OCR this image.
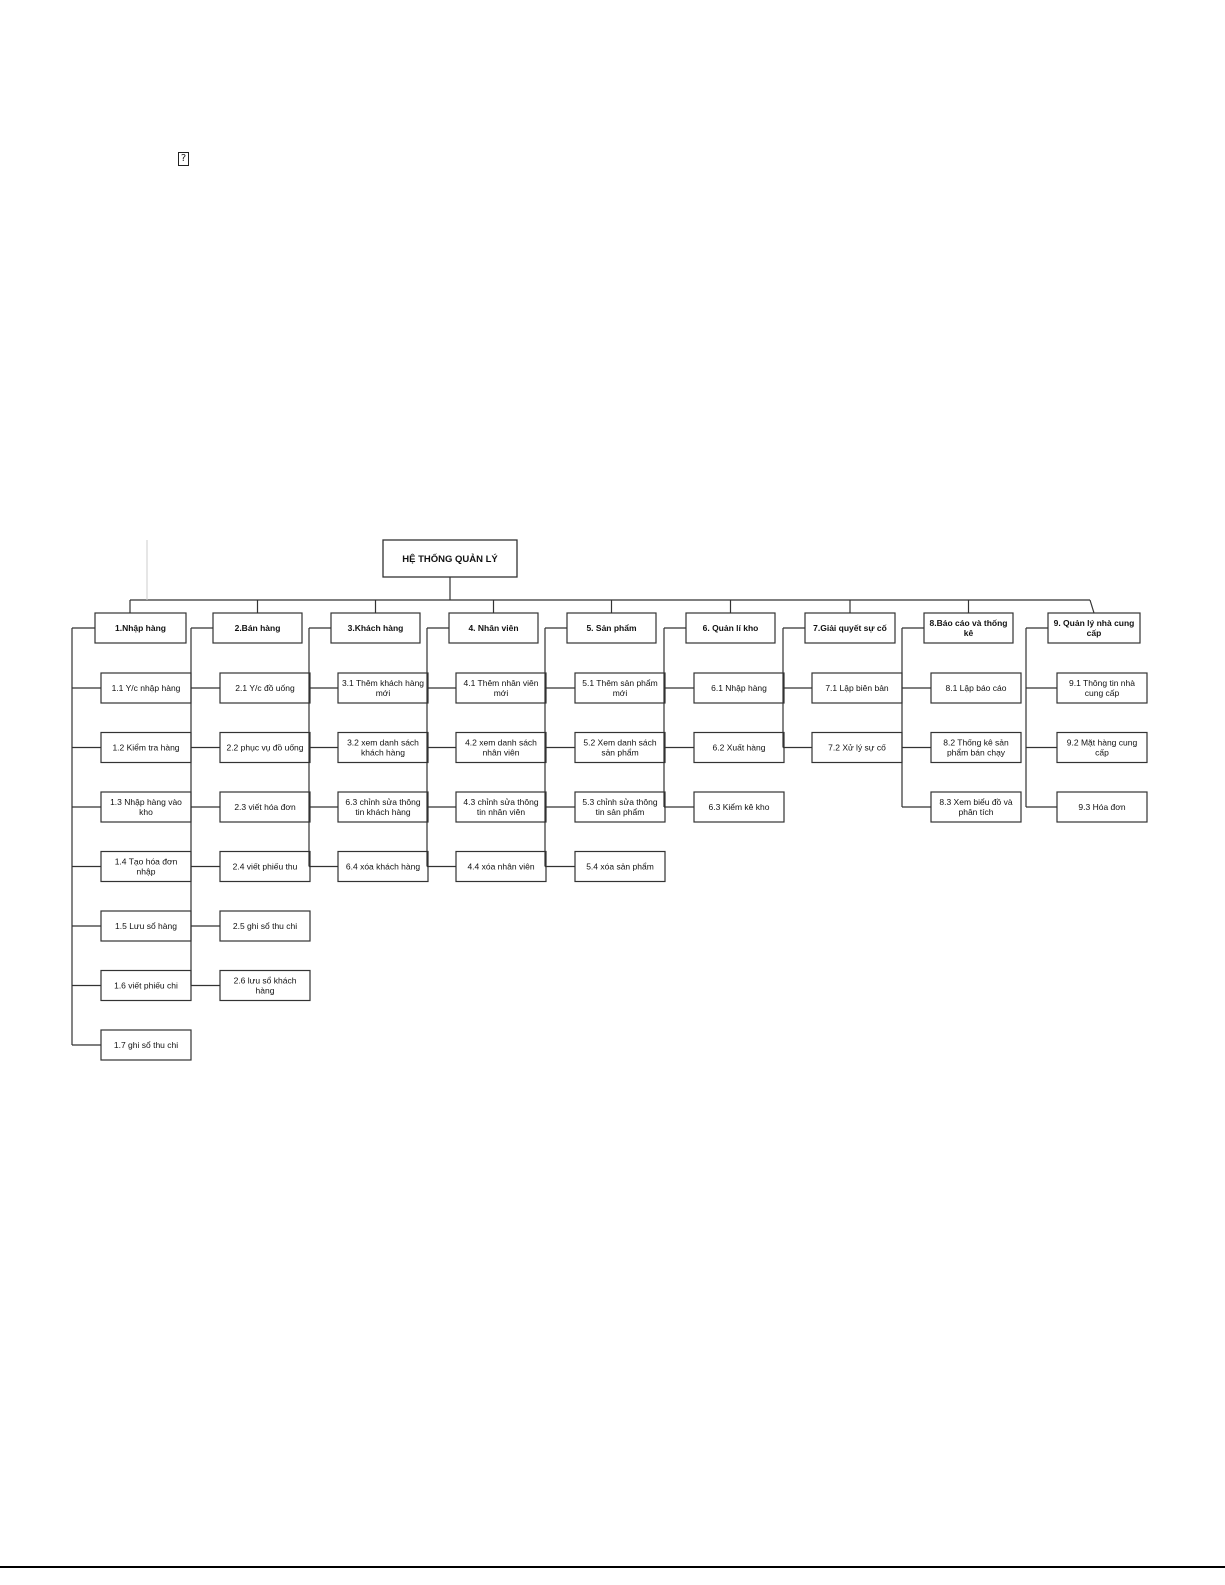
?
HỆ THỐNG QUẢN LÝ
1.Nhập hàng
1.1 Y/c nhập hàng
1.2 Kiểm tra hàng
1.3 Nhập hàng vào
kho
1.4 Tạo hóa đơn
nhập
1.5 Lưu sổ hàng
1.6 viết phiếu chi
1.7 ghi sổ thu chi
2.Bán hàng
2.1 Y/c đồ uống
2.2 phục vụ đồ uống
2.3 viết hóa đơn
2.4 viết phiếu thu
2.5 ghi sổ thu chi
2.6 lưu sổ khách
hàng
3.Khách hàng
3.1 Thêm khách hàng
mới
3.2 xem danh sách
khách hàng
6.3 chỉnh sửa thông
tin khách hàng
6.4 xóa khách hàng
4. Nhân viên
4.1 Thêm nhân viên
mới
4.2 xem danh sách
nhân viên
4.3 chỉnh sửa thông
tin nhân viên
4.4 xóa nhân viên
5. Sản phẩm
5.1 Thêm sản phẩm
mới
5.2 Xem danh sách
sản phẩm
5.3 chỉnh sửa thông
tin sản phẩm
5.4 xóa sản phẩm
6. Quản lí kho
6.1 Nhập hàng
6.2 Xuất hàng
6.3 Kiểm kê kho
7.Giải quyết sự cố
7.1 Lập biên bản
7.2 Xử lý sự cố
8.Báo cáo và thống
kê
8.1 Lập báo cáo
8.2 Thống kê sản
phẩm bán chạy
8.3 Xem biểu đồ và
phân tích
9. Quản lý nhà cung
cấp
9.1 Thông tin nhà
cung cấp
9.2 Mặt hàng cung
cấp
9.3 Hóa đơn
